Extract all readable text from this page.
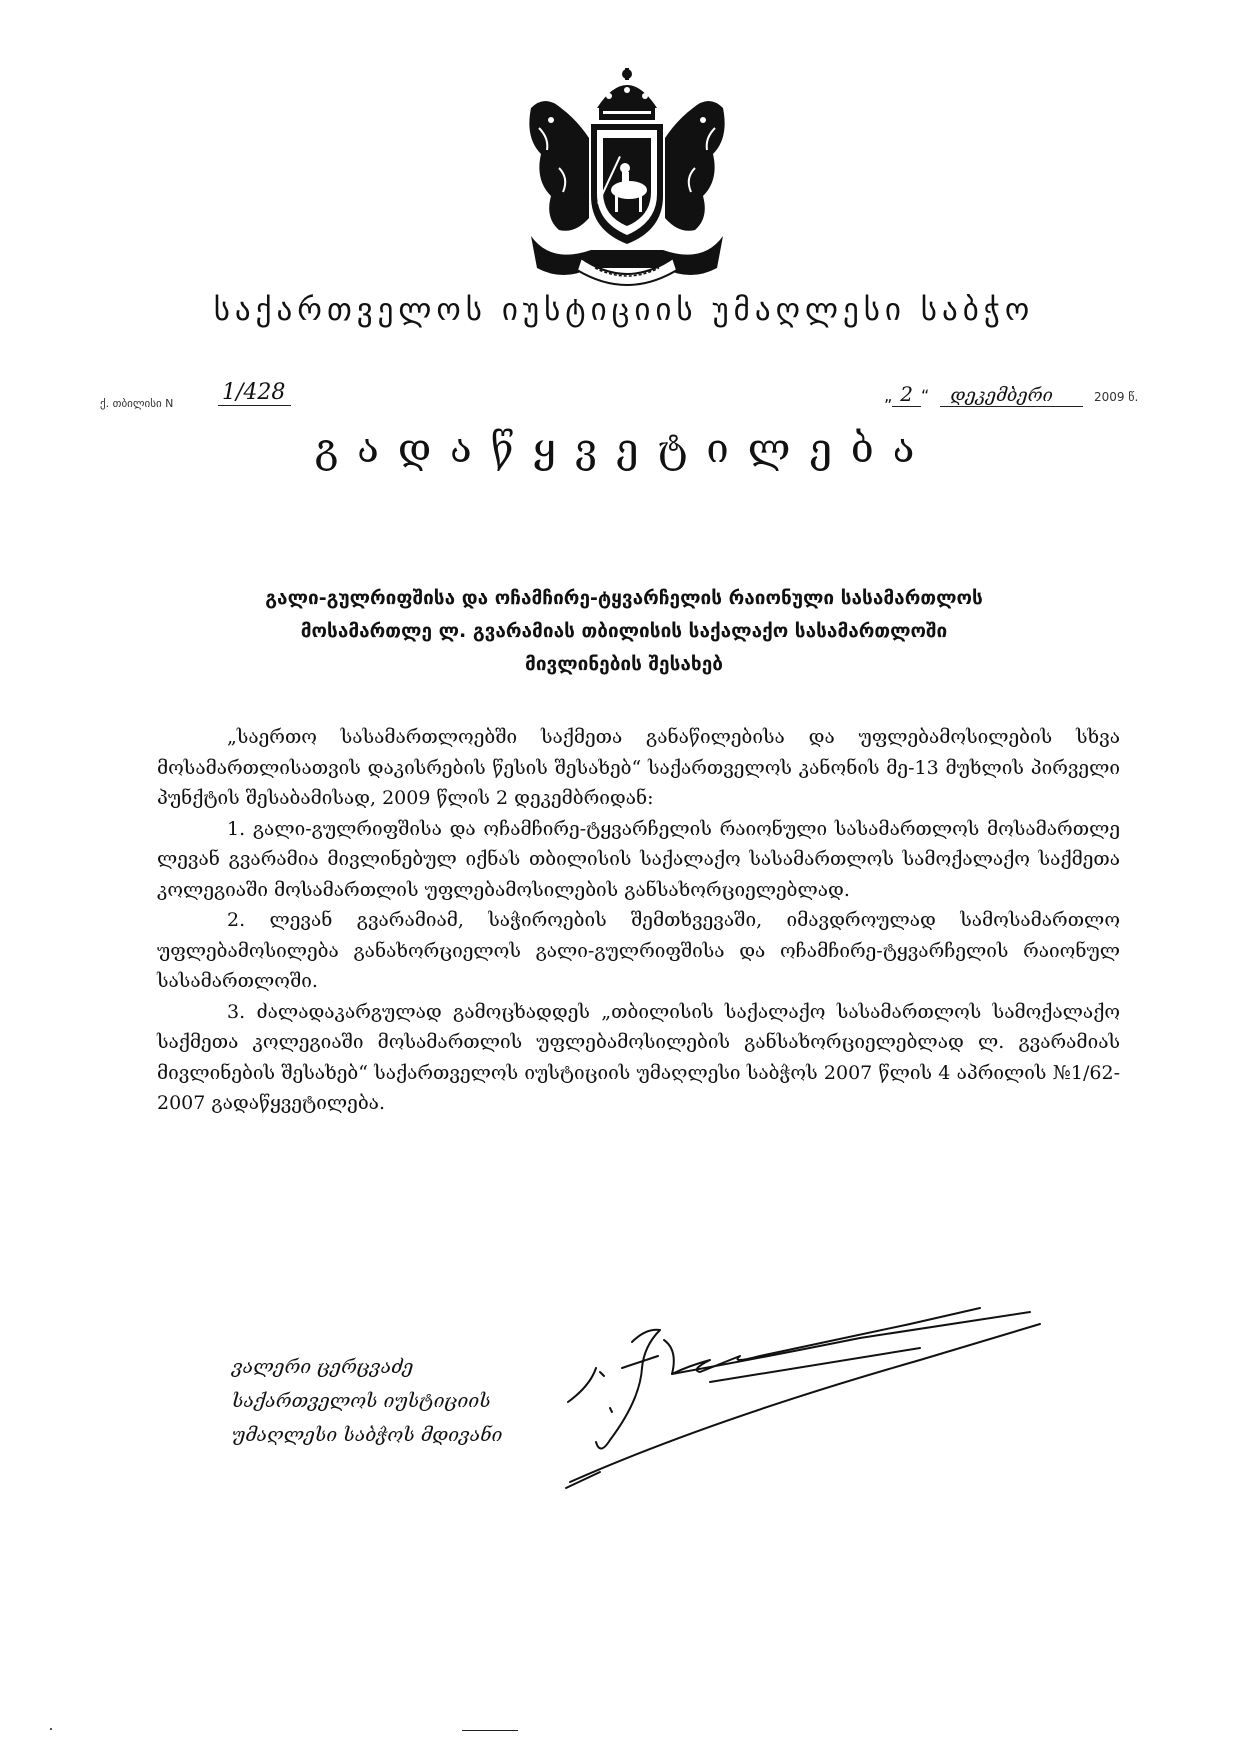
საქართველოს იუსტიციის უმაღლესი საბჭო
ქ. თბილისი N 1/428	„ 2 “ დეკემბერი	2009 წ.
გადაწყვეტილება
გალი-გულრიფშისა და ოჩამჩირე-ტყვარჩელის რაიონული სასამართლოს
მოსამართლე ლ. გვარამიას თბილისის საქალაქო სასამართლოში
მივლინების შესახებ

„საერთო სასამართლოებში საქმეთა განაწილებისა და უფლებამოსილების სხვა მოსამართლისათვის დაკისრების წესის შესახებ“ საქართველოს კანონის მე-13 მუხლის პირველი პუნქტის შესაბამისად, 2009 წლის 2 დეკემბრიდან:

1. გალი-გულრიფშისა და ოჩამჩირე-ტყვარჩელის რაიონული სასამართლოს მოსამართლე ლევან გვარამია მივლინებულ იქნას თბილისის საქალაქო სასამართლოს სამოქალაქო საქმეთა კოლეგიაში მოსამართლის უფლებამოსილების განსახორციელებლად.

2. ლევან გვარამიამ, საჭიროების შემთხვევაში, იმავდროულად სამოსამართლო უფლებამოსილება განახორციელოს გალი-გულრიფშისა და ოჩამჩირე-ტყვარჩელის რაიონულ სასამართლოში.

3. ძალადაკარგულად გამოცხადდეს „თბილისის საქალაქო სასამართლოს სამოქალაქო საქმეთა კოლეგიაში მოსამართლის უფლებამოსილების განსახორციელებლად ლ. გვარამიას მივლინების შესახებ“ საქართველოს იუსტიციის უმაღლესი საბჭოს 2007 წლის 4 აპრილის №1/62-2007 გადაწყვეტილება.

ვალერი ცერცვაძე
საქართველოს იუსტიციის
უმაღლესი საბჭოს მდივანი
